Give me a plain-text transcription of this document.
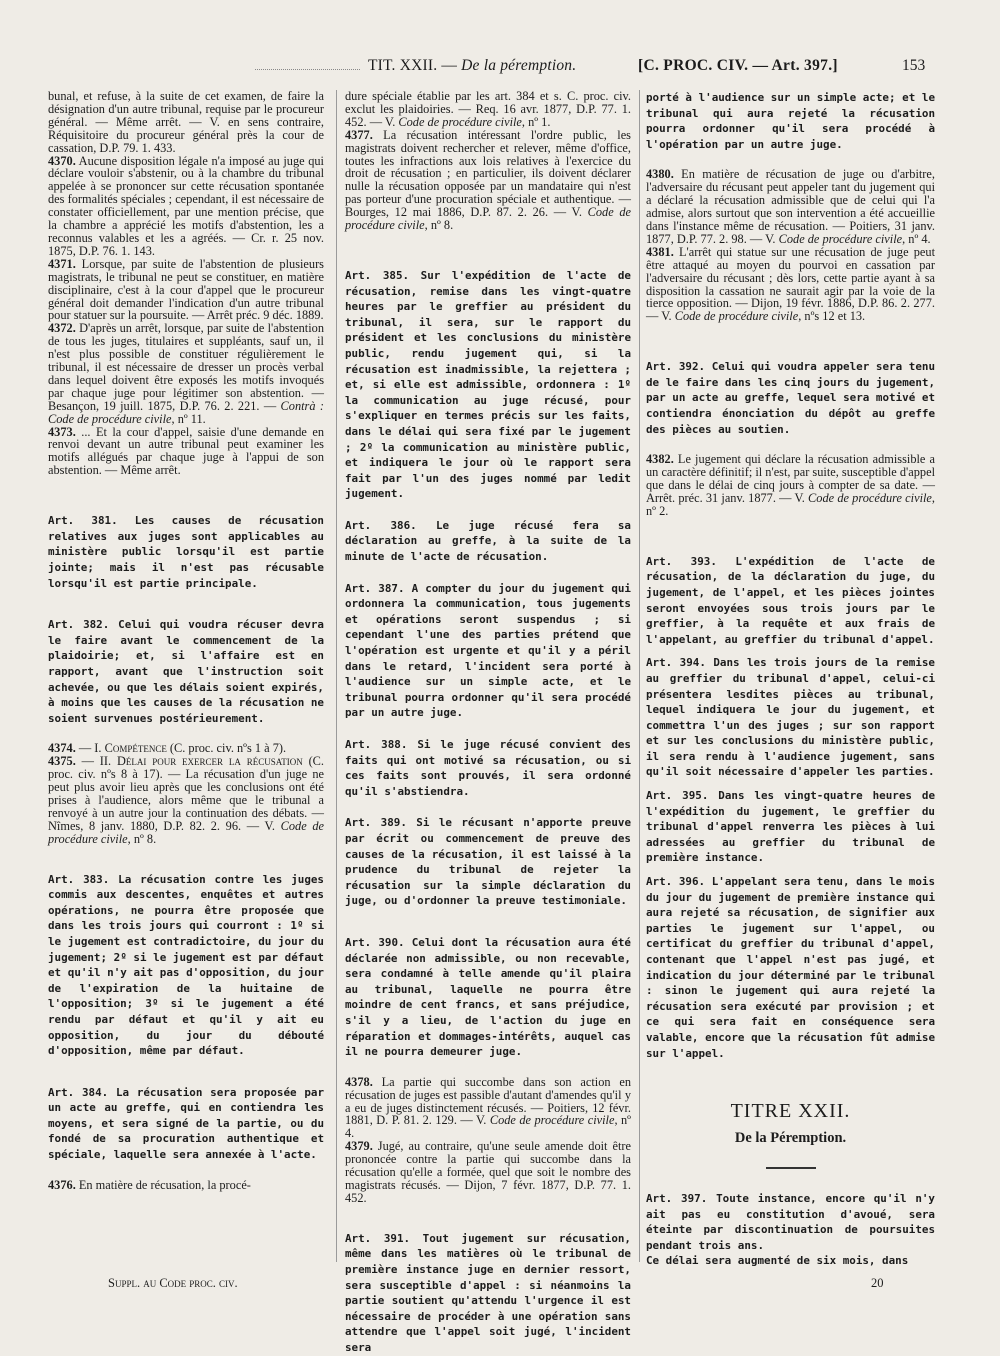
TIT. XXII. — De la péremption.	[C. PROC. CIV. — Art. 397.]	153

bunal, et refuse, à la suite de cet examen, de faire la désignation d'un autre tribunal, requise par le procureur général. — Même arrêt. — V. en sens contraire, Réquisitoire du procureur général près la cour de cassation, D.P. 79. 1. 433.

4370. Aucune disposition légale n'a imposé au juge qui déclare vouloir s'abstenir, ou à la chambre du tribunal appelée à se prononcer sur cette récusation spontanée des formalités spéciales ; cependant, il est nécessaire de constater officiellement, par une mention précise, que la chambre a apprécié les motifs d'abstention, les a reconnus valables et les a agréés. — Cr. r. 25 nov. 1875, D.P. 76. 1. 143.

4371. Lorsque, par suite de l'abstention de plusieurs magistrats, le tribunal ne peut se constituer, en matière disciplinaire, c'est à la cour d'appel que le procureur général doit demander l'indication d'un autre tribunal pour statuer sur la poursuite. — Arrêt préc. 9 déc. 1889.

4372. D'après un arrêt, lorsque, par suite de l'abstention de tous les juges, titulaires et suppléants, sauf un, il n'est plus possible de constituer régulièrement le tribunal, il est nécessaire de dresser un procès verbal dans lequel doivent être exposés les motifs invoqués par chaque juge pour légitimer son abstention. — Besançon, 19 juill. 1875, D.P. 76. 2. 221. — Contrà : Code de procédure civile, nº 11.

4373. ... Et la cour d'appel, saisie d'une demande en renvoi devant un autre tribunal peut examiner les motifs allégués par chaque juge à l'appui de son abstention. — Même arrêt.

Art. 381. Les causes de récusation relatives aux juges sont applicables au ministère public lorsqu'il est partie jointe; mais il n'est pas récusable lorsqu'il est partie principale.

Art. 382. Celui qui voudra récuser devra le faire avant le commencement de la plaidoirie; et, si l'affaire est en rapport, avant que l'instruction soit achevée, ou que les délais soient expirés, à moins que les causes de la récusation ne soient survenues postérieurement.

4374. — I. Compétence (C. proc. civ. nºs 1 à 7).

4375. — II. Délai pour exercer la récusation (C. proc. civ. nºs 8 à 17). — La récusation d'un juge ne peut plus avoir lieu après que les conclusions ont été prises à l'audience, alors même que le tribunal a renvoyé à un autre jour la continuation des débats. — Nîmes, 8 janv. 1880, D.P. 82. 2. 96. — V. Code de procédure civile, nº 8.

Art. 383. La récusation contre les juges commis aux descentes, enquêtes et autres opérations, ne pourra être proposée que dans les trois jours qui courront : 1º si le jugement est contradictoire, du jour du jugement; 2º si le jugement est par défaut et qu'il n'y ait pas d'opposition, du jour de l'expiration de la huitaine de l'opposition; 3º si le jugement a été rendu par défaut et qu'il y ait eu opposition, du jour du débouté d'opposition, même par défaut.

Art. 384. La récusation sera proposée par un acte au greffe, qui en contiendra les moyens, et sera signé de la partie, ou du fondé de sa procuration authentique et spéciale, laquelle sera annexée à l'acte.

4376. En matière de récusation, la procé-

dure spéciale établie par les art. 384 et s. C. proc. civ. exclut les plaidoiries. — Req. 16 avr. 1877, D.P. 77. 1. 452. — V. Code de procédure civile, nº 1.

4377. La récusation intéressant l'ordre public, les magistrats doivent rechercher et relever, même d'office, toutes les infractions aux lois relatives à l'exercice du droit de récusation ; en particulier, ils doivent déclarer nulle la récusation opposée par un mandataire qui n'est pas porteur d'une procuration spéciale et authentique. — Bourges, 12 mai 1886, D.P. 87. 2. 26. — V. Code de procédure civile, nº 8.

Art. 385. Sur l'expédition de l'acte de récusation, remise dans les vingt-quatre heures par le greffier au président du tribunal, il sera, sur le rapport du président et les conclusions du ministère public, rendu jugement qui, si la récusation est inadmissible, la rejettera ; et, si elle est admissible, ordonnera : 1º la communication au juge récusé, pour s'expliquer en termes précis sur les faits, dans le délai qui sera fixé par le jugement ; 2º la communication au ministère public, et indiquera le jour où le rapport sera fait par l'un des juges nommé par ledit jugement.

Art. 386. Le juge récusé fera sa déclaration au greffe, à la suite de la minute de l'acte de récusation.

Art. 387. A compter du jour du jugement qui ordonnera la communication, tous jugements et opérations seront suspendus ; si cependant l'une des parties prétend que l'opération est urgente et qu'il y a péril dans le retard, l'incident sera porté à l'audience sur un simple acte, et le tribunal pourra ordonner qu'il sera procédé par un autre juge.

Art. 388. Si le juge récusé convient des faits qui ont motivé sa récusation, ou si ces faits sont prouvés, il sera ordonné qu'il s'abstiendra.

Art. 389. Si le récusant n'apporte preuve par écrit ou commencement de preuve des causes de la récusation, il est laissé à la prudence du tribunal de rejeter la récusation sur la simple déclaration du juge, ou d'ordonner la preuve testimoniale.

Art. 390. Celui dont la récusation aura été déclarée non admissible, ou non recevable, sera condamné à telle amende qu'il plaira au tribunal, laquelle ne pourra être moindre de cent francs, et sans préjudice, s'il y a lieu, de l'action du juge en réparation et dommages-intérêts, auquel cas il ne pourra demeurer juge.

4378. La partie qui succombe dans son action en récusation de juges est passible d'autant d'amendes qu'il y a eu de juges distinctement récusés. — Poitiers, 12 févr. 1881, D. P. 81. 2. 129. — V. Code de procédure civile, nº 4.

4379. Jugé, au contraire, qu'une seule amende doit être prononcée contre la partie qui succombe dans la récusation qu'elle a formée, quel que soit le nombre des magistrats récusés. — Dijon, 7 févr. 1877, D.P. 77. 1. 452.

Art. 391. Tout jugement sur récusation, même dans les matières où le tribunal de première instance juge en dernier ressort, sera susceptible d'appel : si néanmoins la partie soutient qu'attendu l'urgence il est nécessaire de procéder à une opération sans attendre que l'appel soit jugé, l'incident sera

porté à l'audience sur un simple acte; et le tribunal qui aura rejeté la récusation pourra ordonner qu'il sera procédé à l'opération par un autre juge.

4380. En matière de récusation de juge ou d'arbitre, l'adversaire du récusant peut appeler tant du jugement qui a déclaré la récusation admissible que de celui qui l'a admise, alors surtout que son intervention a été accueillie dans l'instance même de récusation. — Poitiers, 31 janv. 1877, D.P. 77. 2. 98. — V. Code de procédure civile, nº 4.

4381. L'arrêt qui statue sur une récusation de juge peut être attaqué au moyen du pourvoi en cassation par l'adversaire du récusant ; dès lors, cette partie ayant à sa disposition la cassation ne saurait agir par la voie de la tierce opposition. — Dijon, 19 févr. 1886, D.P. 86. 2. 277. — V. Code de procédure civile, nºs 12 et 13.

Art. 392. Celui qui voudra appeler sera tenu de le faire dans les cinq jours du jugement, par un acte au greffe, lequel sera motivé et contiendra énonciation du dépôt au greffe des pièces au soutien.

4382. Le jugement qui déclare la récusation admissible a un caractère définitif; il n'est, par suite, susceptible d'appel que dans le délai de cinq jours à compter de sa date. — Arrêt. préc. 31 janv. 1877. — V. Code de procédure civile, nº 2.

Art. 393. L'expédition de l'acte de récusation, de la déclaration du juge, du jugement, de l'appel, et les pièces jointes seront envoyées sous trois jours par le greffier, à la requête et aux frais de l'appelant, au greffier du tribunal d'appel.

Art. 394. Dans les trois jours de la remise au greffier du tribunal d'appel, celui-ci présentera lesdites pièces au tribunal, lequel indiquera le jour du jugement, et commettra l'un des juges ; sur son rapport et sur les conclusions du ministère public, il sera rendu à l'audience jugement, sans qu'il soit nécessaire d'appeler les parties.

Art. 395. Dans les vingt-quatre heures de l'expédition du jugement, le greffier du tribunal d'appel renverra les pièces à lui adressées au greffier du tribunal de première instance.

Art. 396. L'appelant sera tenu, dans le mois du jour du jugement de première instance qui aura rejeté sa récusation, de signifier aux parties le jugement sur l'appel, ou certificat du greffier du tribunal d'appel, contenant que l'appel n'est pas jugé, et indication du jour déterminé par le tribunal : sinon le jugement qui aura rejeté la récusation sera exécuté par provision ; et ce qui sera fait en conséquence sera valable, encore que la récusation fût admise sur l'appel.

TITRE XXII.
De la Péremption.

Art. 397. Toute instance, encore qu'il n'y ait pas eu constitution d'avoué, sera éteinte par discontinuation de poursuites pendant trois ans.

Ce délai sera augmenté de six mois, dans

Suppl. au Code proc. civ.	20
